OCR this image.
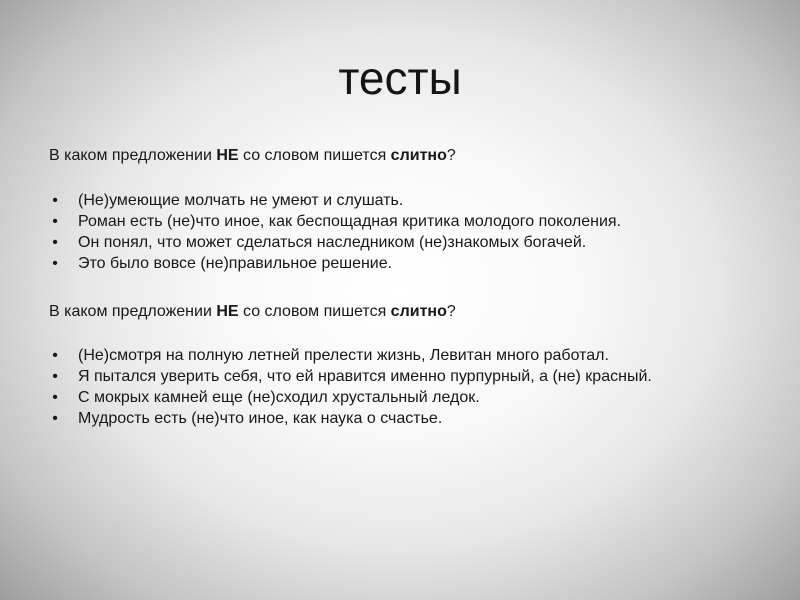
тесты
В каком предложении НЕ со словом пишется слитно?
• (Не)умеющие молчать не умеют и слушать.
• Роман есть (не)что иное, как беспощадная критика молодого поколения.
• Он понял, что может сделаться наследником (не)знакомых богачей.
• Это было вовсе (не)правильное решение.
В каком предложении НЕ со словом пишется слитно?
• (Не)смотря на полную летней прелести жизнь, Левитан много работал.
• Я пытался уверить себя, что ей нравится именно пурпурный, а (не) красный.
• С мокрых камней еще (не)сходил хрустальный ледок.
• Мудрость есть (не)что иное, как наука о счастье.
